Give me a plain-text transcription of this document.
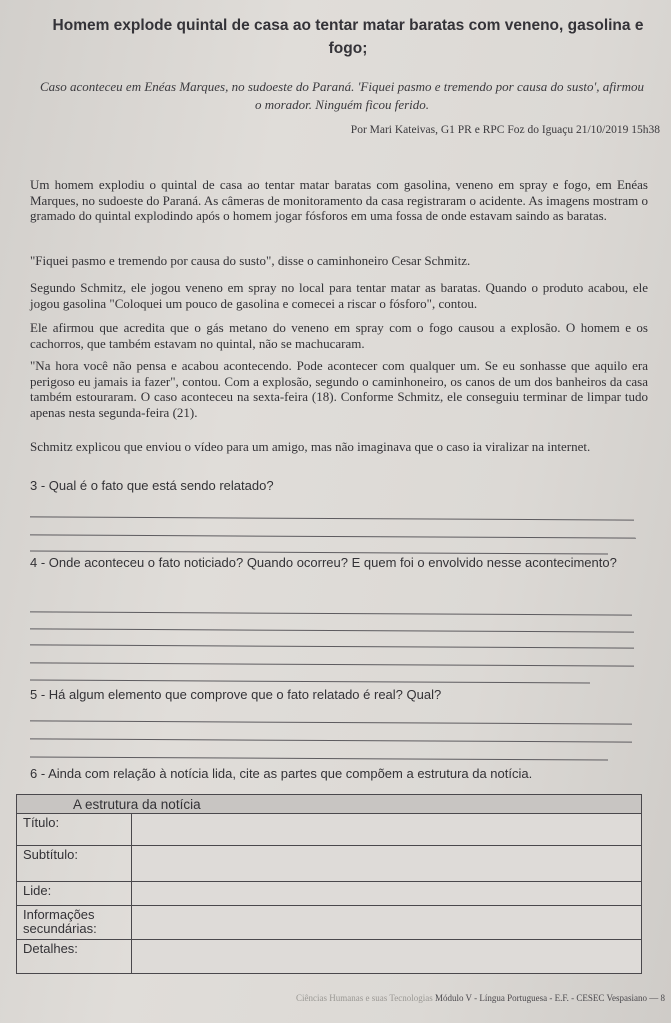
Homem explode quintal de casa ao tentar matar baratas com veneno, gasolina e fogo;
Caso aconteceu em Enéas Marques, no sudoeste do Paraná. 'Fiquei pasmo e tremendo por causa do susto', afirmou o morador. Ninguém ficou ferido.
Por Mari Kateivas, G1 PR e RPC Foz do Iguaçu 21/10/2019 15h38
Um homem explodiu o quintal de casa ao tentar matar baratas com gasolina, veneno em spray e fogo, em Enéas Marques, no sudoeste do Paraná. As câmeras de monitoramento da casa registraram o acidente. As imagens mostram o gramado do quintal explodindo após o homem jogar fósforos em uma fossa de onde estavam saindo as baratas.
"Fiquei pasmo e tremendo por causa do susto", disse o caminhoneiro Cesar Schmitz.
Segundo Schmitz, ele jogou veneno em spray no local para tentar matar as baratas. Quando o produto acabou, ele jogou gasolina "Coloquei um pouco de gasolina e comecei a riscar o fósforo", contou.
Ele afirmou que acredita que o gás metano do veneno em spray com o fogo causou a explosão. O homem e os cachorros, que também estavam no quintal, não se machucaram.
"Na hora você não pensa e acabou acontecendo. Pode acontecer com qualquer um. Se eu sonhasse que aquilo era perigoso eu jamais ia fazer", contou. Com a explosão, segundo o caminhoneiro, os canos de um dos banheiros da casa também estouraram. O caso aconteceu na sexta-feira (18). Conforme Schmitz, ele conseguiu terminar de limpar tudo apenas nesta segunda-feira (21).
Schmitz explicou que enviou o vídeo para um amigo, mas não imaginava que o caso ia viralizar na internet.
3 - Qual é o fato que está sendo relatado?
4 - Onde aconteceu o fato noticiado? Quando ocorreu? E quem foi o envolvido nesse acontecimento?
5 - Há algum elemento que comprove que o fato relatado é real? Qual?
6 - Ainda com relação à notícia lida, cite as partes que compõem a estrutura da notícia.
A estrutura da notícia	
Título:	
Subtítulo:	
Lide:	
Informações secundárias:	
Detalhes:	
Ciências Humanas e suas Tecnologias Módulo V - Língua Portuguesa - E.F. - CESEC Vespasiano — 8
